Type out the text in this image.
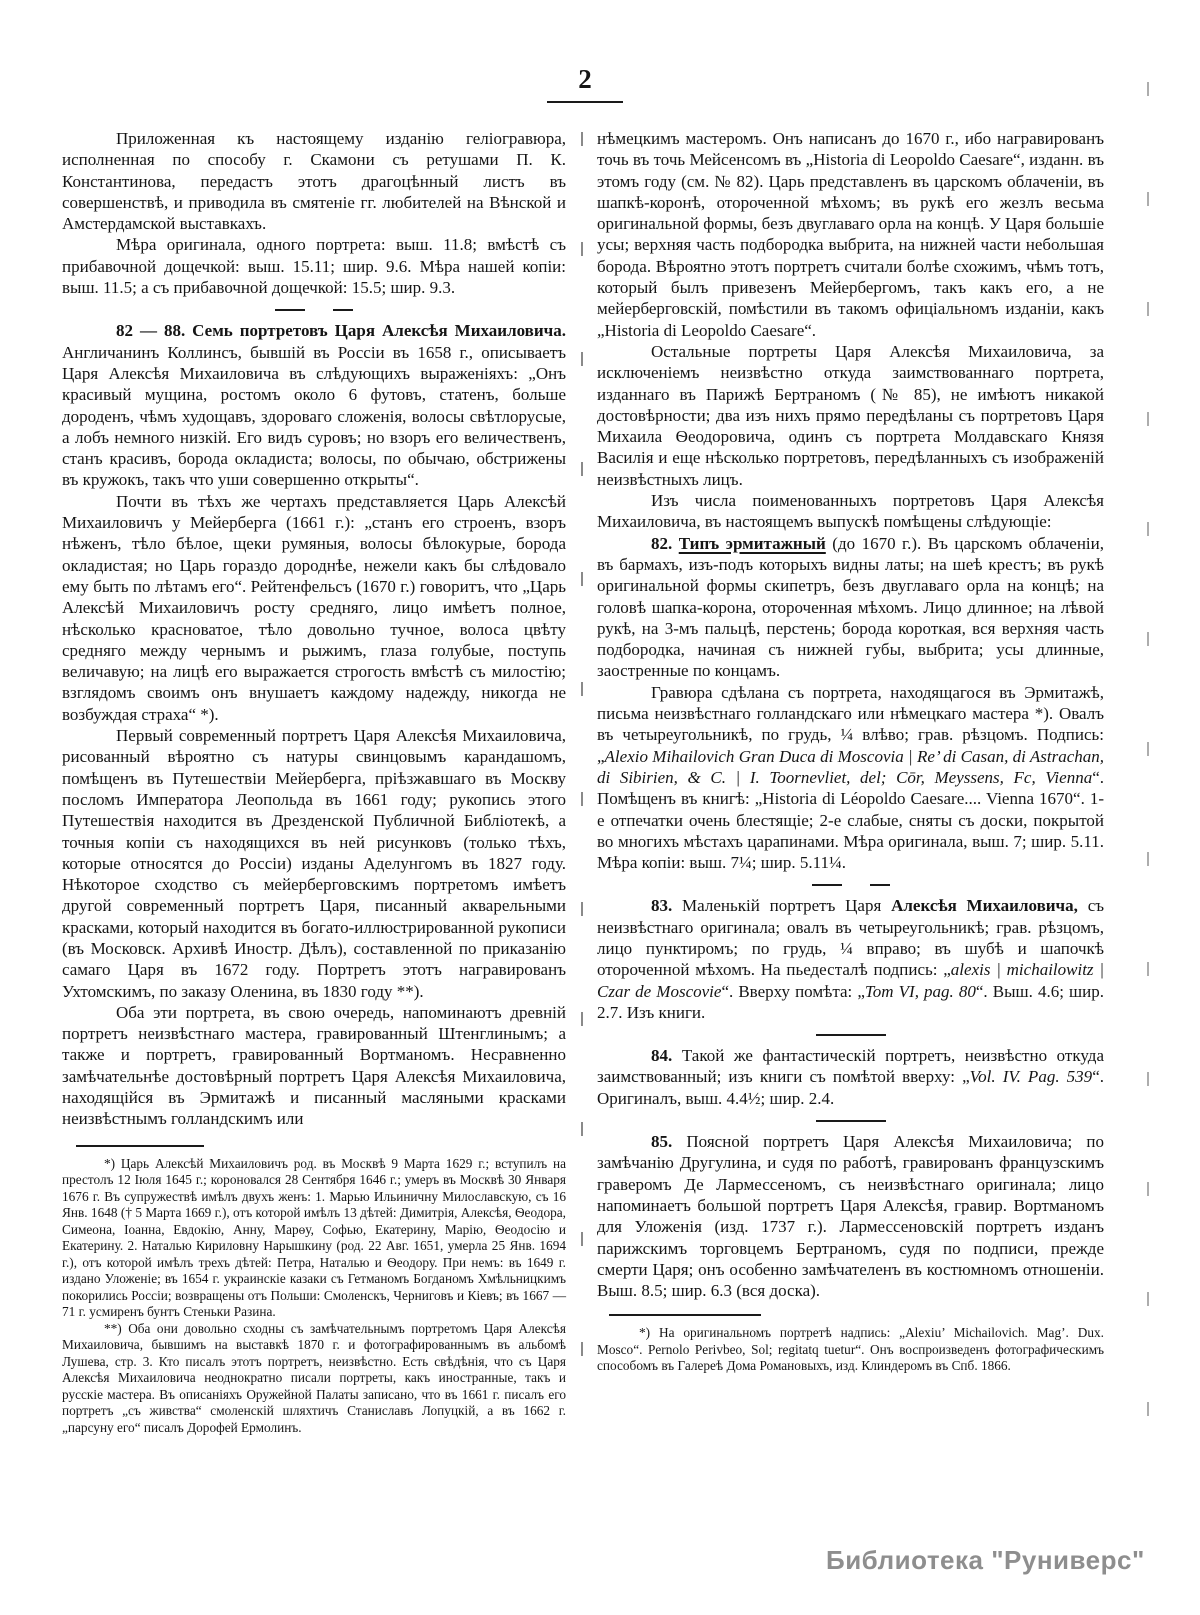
2

Приложенная къ настоящему изданію геліогравюра, исполненная по способу г. Скамони съ ретушами П. К. Константинова, передастъ этотъ драгоцѣнный листъ въ совершенствѣ, и приводила въ смятеніе гг. любителей на Вѣнской и Амстердамской выставкахъ.

Мѣра оригинала, одного портрета: выш. 11.8; вмѣстѣ съ прибавочной дощечкой: выш. 15.11; шир. 9.6. Мѣра нашей копіи: выш. 11.5; а съ прибавочной дощечкой: 15.5; шир. 9.3.

82 — 88. Семь портретовъ Царя Алексѣя Михаиловича. Англичанинъ Коллинсъ, бывшій въ Россіи въ 1658 г., описываетъ Царя Алексѣя Михаиловича въ слѣдующихъ выраженіяхъ: „Онъ красивый мущина, ростомъ около 6 футовъ, статенъ, больше дороденъ, чѣмъ худощавъ, здороваго сложенія, волосы свѣтлорусые, а лобъ немного низкій. Его видъ суровъ; но взоръ его величественъ, станъ красивъ, борода окладиста; волосы, по обычаю, обстрижены въ кружокъ, такъ что уши совершенно открыты“.

Почти въ тѣхъ же чертахъ представляется Царь Алексѣй Михаиловичъ у Мейерберга (1661 г.): „станъ его строенъ, взоръ нѣженъ, тѣло бѣлое, щеки румяныя, волосы бѣлокурые, борода окладистая; но Царь гораздо дороднѣе, нежели какъ бы слѣдовало ему быть по лѣтамъ его“. Рейтенфельсъ (1670 г.) говоритъ, что „Царь Алексѣй Михаиловичъ росту средняго, лицо имѣетъ полное, нѣсколько красноватое, тѣло довольно тучное, волоса цвѣту средняго между чернымъ и рыжимъ, глаза голубые, поступь величавую; на лицѣ его выражается строгость вмѣстѣ съ милостію; взглядомъ своимъ онъ внушаетъ каждому надежду, никогда не возбуждая страха“ *).

Первый современный портретъ Царя Алексѣя Михаиловича, рисованный вѣроятно съ натуры свинцовымъ карандашомъ, помѣщенъ въ Путешествіи Мейерберга, пріѣзжавшаго въ Москву посломъ Императора Леопольда въ 1661 году; рукопись этого Путешествія находится въ Дрезденской Публичной Библіотекѣ, а точныя копіи съ находящихся въ ней рисунковъ (только тѣхъ, которые относятся до Россіи) изданы Аделунгомъ въ 1827 году. Нѣкоторое сходство съ мейерберговскимъ портретомъ имѣетъ другой современный портретъ Царя, писанный акварельными красками, который находится въ богато-иллюстрированной рукописи (въ Московск. Архивѣ Иностр. Дѣлъ), составленной по приказанію самаго Царя въ 1672 году. Портретъ этотъ награвированъ Ухтомскимъ, по заказу Оленина, въ 1830 году **).

Оба эти портрета, въ свою очередь, напоминаютъ древній портретъ неизвѣстнаго мастера, гравированный Штенглинымъ; а также и портретъ, гравированный Вортманомъ. Несравненно замѣчательнѣе достовѣрный портретъ Царя Алексѣя Михаиловича, находящійся въ Эрмитажѣ и писанный масляными красками неизвѣстнымъ голландскимъ или

*) Царь Алексѣй Михаиловичъ род. въ Москвѣ 9 Марта 1629 г.; вступилъ на престолъ 12 Іюля 1645 г.; короновался 28 Сентября 1646 г.; умеръ въ Москвѣ 30 Января 1676 г. Въ супружествѣ имѣлъ двухъ женъ: 1. Марью Ильиничну Милославскую, съ 16 Янв. 1648 († 5 Марта 1669 г.), отъ которой имѣлъ 13 дѣтей: Димитрія, Алексѣя, Ѳеодора, Симеона, Іоанна, Евдокію, Анну, Марѳу, Софью, Екатерину, Марію, Ѳеодосію и Екатерину. 2. Наталью Кириловну Нарышкину (род. 22 Авг. 1651, умерла 25 Янв. 1694 г.), отъ которой имѣлъ трехъ дѣтей: Петра, Наталью и Ѳеодору. При немъ: въ 1649 г. издано Уложеніе; въ 1654 г. украинскіе казаки съ Гетманомъ Богданомъ Хмѣльницкимъ покорились Россіи; возвращены отъ Польши: Смоленскъ, Черниговъ и Кіевъ; въ 1667 — 71 г. усмиренъ бунтъ Стеньки Разина.

**) Оба они довольно сходны съ замѣчательнымъ портретомъ Царя Алексѣя Михаиловича, бывшимъ на выставкѣ 1870 г. и фотографированнымъ въ альбомѣ Лушева, стр. 3. Кто писалъ этотъ портретъ, неизвѣстно. Есть свѣдѣнія, что съ Царя Алексѣя Михаиловича неоднократно писали портреты, какъ иностранные, такъ и русскіе мастера. Въ описаніяхъ Оружейной Палаты записано, что въ 1661 г. писалъ его портретъ „съ живства“ смоленскій шляхтичъ Станиславъ Лопуцкій, а въ 1662 г. „парсуну его“ писалъ Дорофей Ермолинъ.

нѣмецкимъ мастеромъ. Онъ написанъ до 1670 г., ибо награвированъ точь въ точь Мейсенсомъ въ „Historia di Leopoldo Caesare“, изданн. въ этомъ году (см. № 82). Царь представленъ въ царскомъ облаченіи, въ шапкѣ-коронѣ, отороченной мѣхомъ; въ рукѣ его жезлъ весьма оригинальной формы, безъ двуглаваго орла на концѣ. У Царя большіе усы; верхняя часть подбородка выбрита, на нижней части небольшая борода. Вѣроятно этотъ портретъ считали болѣе схожимъ, чѣмъ тотъ, который былъ привезенъ Мейербергомъ, такъ какъ его, а не мейерберговскій, помѣстили въ такомъ офиціальномъ изданіи, какъ „Historia di Leopoldo Caesare“.

Остальные портреты Царя Алексѣя Михаиловича, за исключеніемъ неизвѣстно откуда заимствованнаго портрета, изданнаго въ Парижѣ Бертраномъ (№ 85), не имѣютъ никакой достовѣрности; два изъ нихъ прямо передѣланы съ портретовъ Царя Михаила Ѳеодоровича, одинъ съ портрета Молдавскаго Князя Василія и еще нѣсколько портретовъ, передѣланныхъ съ изображеній неизвѣстныхъ лицъ.

Изъ числа поименованныхъ портретовъ Царя Алексѣя Михаиловича, въ настоящемъ выпускѣ помѣщены слѣдующіе:

82. Типъ эрмитажный (до 1670 г.). Въ царскомъ облаченіи, въ бармахъ, изъ-подъ которыхъ видны латы; на шеѣ крестъ; въ рукѣ оригинальной формы скипетръ, безъ двуглаваго орла на концѣ; на головѣ шапка-корона, отороченная мѣхомъ. Лицо длинное; на лѣвой рукѣ, на 3-мъ пальцѣ, перстень; борода короткая, вся верхняя часть подбородка, начиная съ нижней губы, выбрита; усы длинные, заостренные по концамъ.

Гравюра сдѣлана съ портрета, находящагося въ Эрмитажѣ, письма неизвѣстнаго голландскаго или нѣмецкаго мастера *). Овалъ въ четыреугольникѣ, по грудь, ¼ влѣво; грав. рѣзцомъ. Подпись: „Alexio Mihailovich Gran Duca di Moscovia | Re’ di Casan, di Astrachan, di Sibirien, & C. | I. Toornevliet, del; Cōr, Meyssens, Fc, Vienna“. Помѣщенъ въ книгѣ: „Historia di Léopoldo Caesare.... Vienna 1670“. 1-е отпечатки очень блестящіе; 2-е слабые, сняты съ доски, покрытой во многихъ мѣстахъ царапинами. Мѣра оригинала, выш. 7; шир. 5.11. Мѣра копіи: выш. 7¼; шир. 5.11¼.

83. Маленькій портретъ Царя Алексѣя Михаиловича, съ неизвѣстнаго оригинала; овалъ въ четыреугольникѣ; грав. рѣзцомъ, лицо пунктиромъ; по грудь, ¼ вправо; въ шубѣ и шапочкѣ отороченной мѣхомъ. На пьедесталѣ подпись: „alexis | michailowitz | Czar de Moscovie“. Вверху помѣта: „Tom VI, pag. 80“. Выш. 4.6; шир. 2.7. Изъ книги.

84. Такой же фантастическій портретъ, неизвѣстно откуда заимствованный; изъ книги съ помѣтой вверху: „Vol. IV. Pag. 539“. Оригиналъ, выш. 4.4½; шир. 2.4.

85. Поясной портретъ Царя Алексѣя Михаиловича; по замѣчанію Другулина, и судя по работѣ, гравированъ французскимъ граверомъ Де Лармессеномъ, съ неизвѣстнаго оригинала; лицо напоминаетъ большой портретъ Царя Алексѣя, гравир. Вортманомъ для Уложенія (изд. 1737 г.). Лармессеновскій портретъ изданъ парижскимъ торговцемъ Бертраномъ, судя по подписи, прежде смерти Царя; онъ особенно замѣчателенъ въ костюмномъ отношеніи. Выш. 8.5; шир. 6.3 (вся доска).

*) На оригинальномъ портретѣ надпись: „Alexiu’ Michailovich. Mag’. Dux. Mosco“. Pernolo Perivbeo, Sol; regitatq tuetur“. Онъ воспроизведенъ фотографическимъ способомъ въ Галереѣ Дома Романовыхъ, изд. Клиндеромъ въ Спб. 1866.

Библиотека "Руниверс"
